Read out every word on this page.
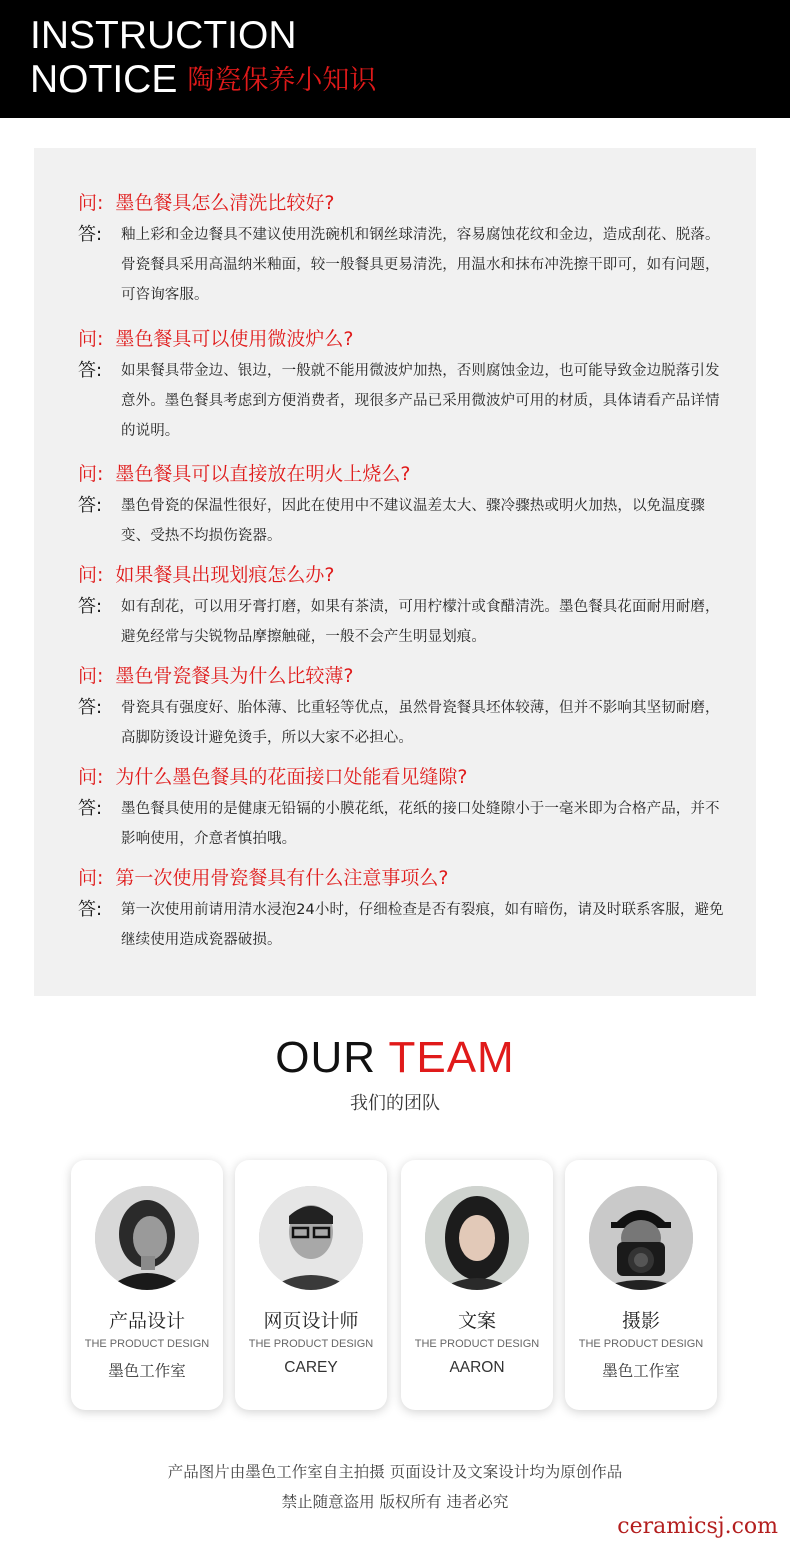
INSTRUCTION
NOTICE 陶瓷保养小知识
问: 墨色餐具怎么清洗比较好?
答: 釉上彩和金边餐具不建议使用洗碗机和钢丝球清洗，容易腐蚀花纹和金边，造成刮花、脱落。骨瓷餐具采用高温纳米釉面，较一般餐具更易清洗，用温水和抹布冲洗擦干即可，如有问题，可咨询客服。
问: 墨色餐具可以使用微波炉么?
答: 如果餐具带金边、银边，一般就不能用微波炉加热，否则腐蚀金边，也可能导致金边脱落引发意外。墨色餐具考虑到方便消费者，现很多产品已采用微波炉可用的材质，具体请看产品详情的说明。
问: 墨色餐具可以直接放在明火上烧么?
答: 墨色骨瓷的保温性很好，因此在使用中不建议温差太大、骤冷骤热或明火加热，以免温度骤变、受热不均损伤瓷器。
问: 如果餐具出现划痕怎么办?
答: 如有刮花，可以用牙膏打磨，如果有茶渍，可用柠檬汁或食醋清洗。墨色餐具花面耐用耐磨，避免经常与尖锐物品摩擦触碰，一般不会产生明显划痕。
问: 墨色骨瓷餐具为什么比较薄?
答: 骨瓷具有强度好、胎体薄、比重轻等优点，虽然骨瓷餐具坯体较薄，但并不影响其坚韧耐磨，高脚防烫设计避免烫手，所以大家不必担心。
问: 为什么墨色餐具的花面接口处能看见缝隙?
答: 墨色餐具使用的是健康无铅镉的小膜花纸，花纸的接口处缝隙小于一毫米即为合格产品，并不影响使用，介意者慎拍哦。
问: 第一次使用骨瓷餐具有什么注意事项么?
答: 第一次使用前请用清水浸泡24小时，仔细检查是否有裂痕，如有暗伤，请及时联系客服，避免继续使用造成瓷器破损。
OUR TEAM
我们的团队
产品设计
THE PRODUCT DESIGN
墨色工作室
网页设计师
THE PRODUCT DESIGN
CAREY
文案
THE PRODUCT DESIGN
AARON
摄影
THE PRODUCT DESIGN
墨色工作室
产品图片由墨色工作室自主拍摄 页面设计及文案设计均为原创作品
禁止随意盗用 版权所有 违者必究
ceramicsj.com
